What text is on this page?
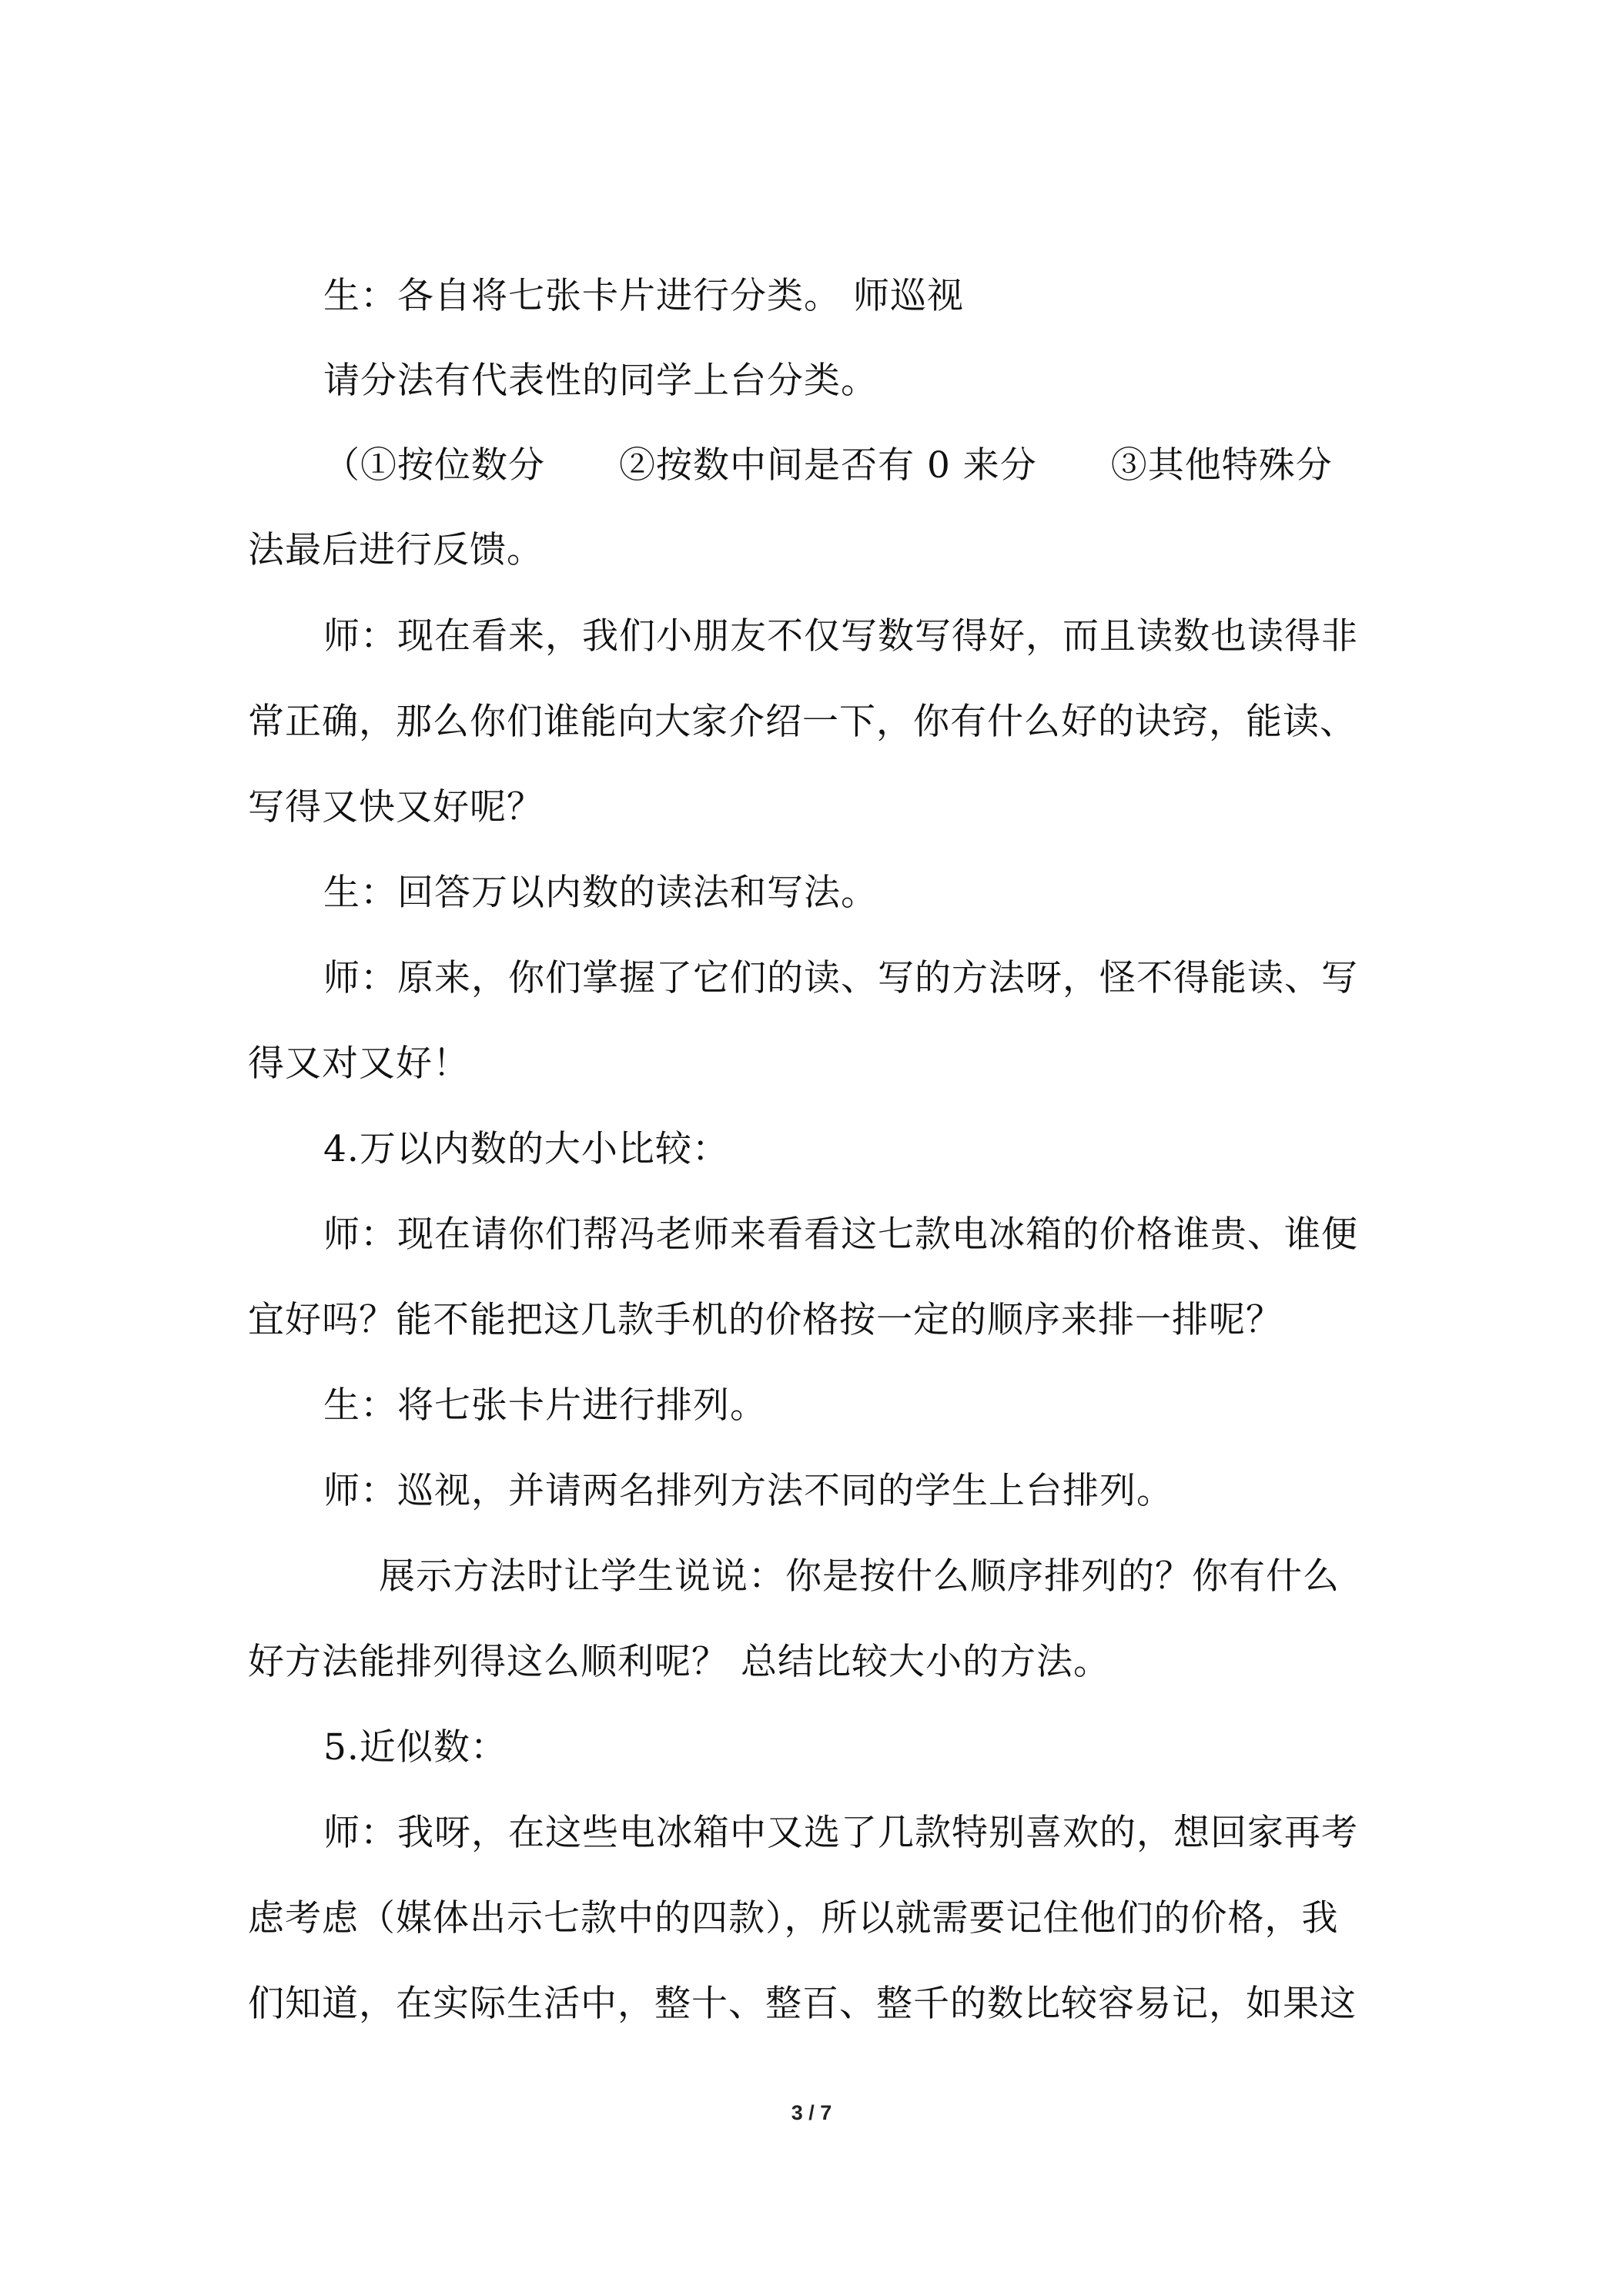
生：各自将七张卡片进行分类。 师巡视
请分法有代表性的同学上台分类。
（①按位数分　　②按数中间是否有 0 来分　　③其他特殊分
法最后进行反馈。
师：现在看来，我们小朋友不仅写数写得好，而且读数也读得非
常正确，那么你们谁能向大家介绍一下，你有什么好的诀窍，能读、
写得又快又好呢？
生：回答万以内数的读法和写法。
师：原来，你们掌握了它们的读、写的方法呀，怪不得能读、写
得又对又好！
4.万以内数的大小比较：
师：现在请你们帮冯老师来看看这七款电冰箱的价格谁贵、谁便
宜好吗？能不能把这几款手机的价格按一定的顺序来排一排呢？
生：将七张卡片进行排列。
师：巡视，并请两名排列方法不同的学生上台排列。
展示方法时让学生说说：你是按什么顺序排列的？你有什么
好方法能排列得这么顺利呢？ 总结比较大小的方法。
5.近似数：
师：我呀，在这些电冰箱中又选了几款特别喜欢的，想回家再考
虑考虑（媒体出示七款中的四款），所以就需要记住他们的价格，我
们知道，在实际生活中，整十、整百、整千的数比较容易记，如果这
3 / 7
